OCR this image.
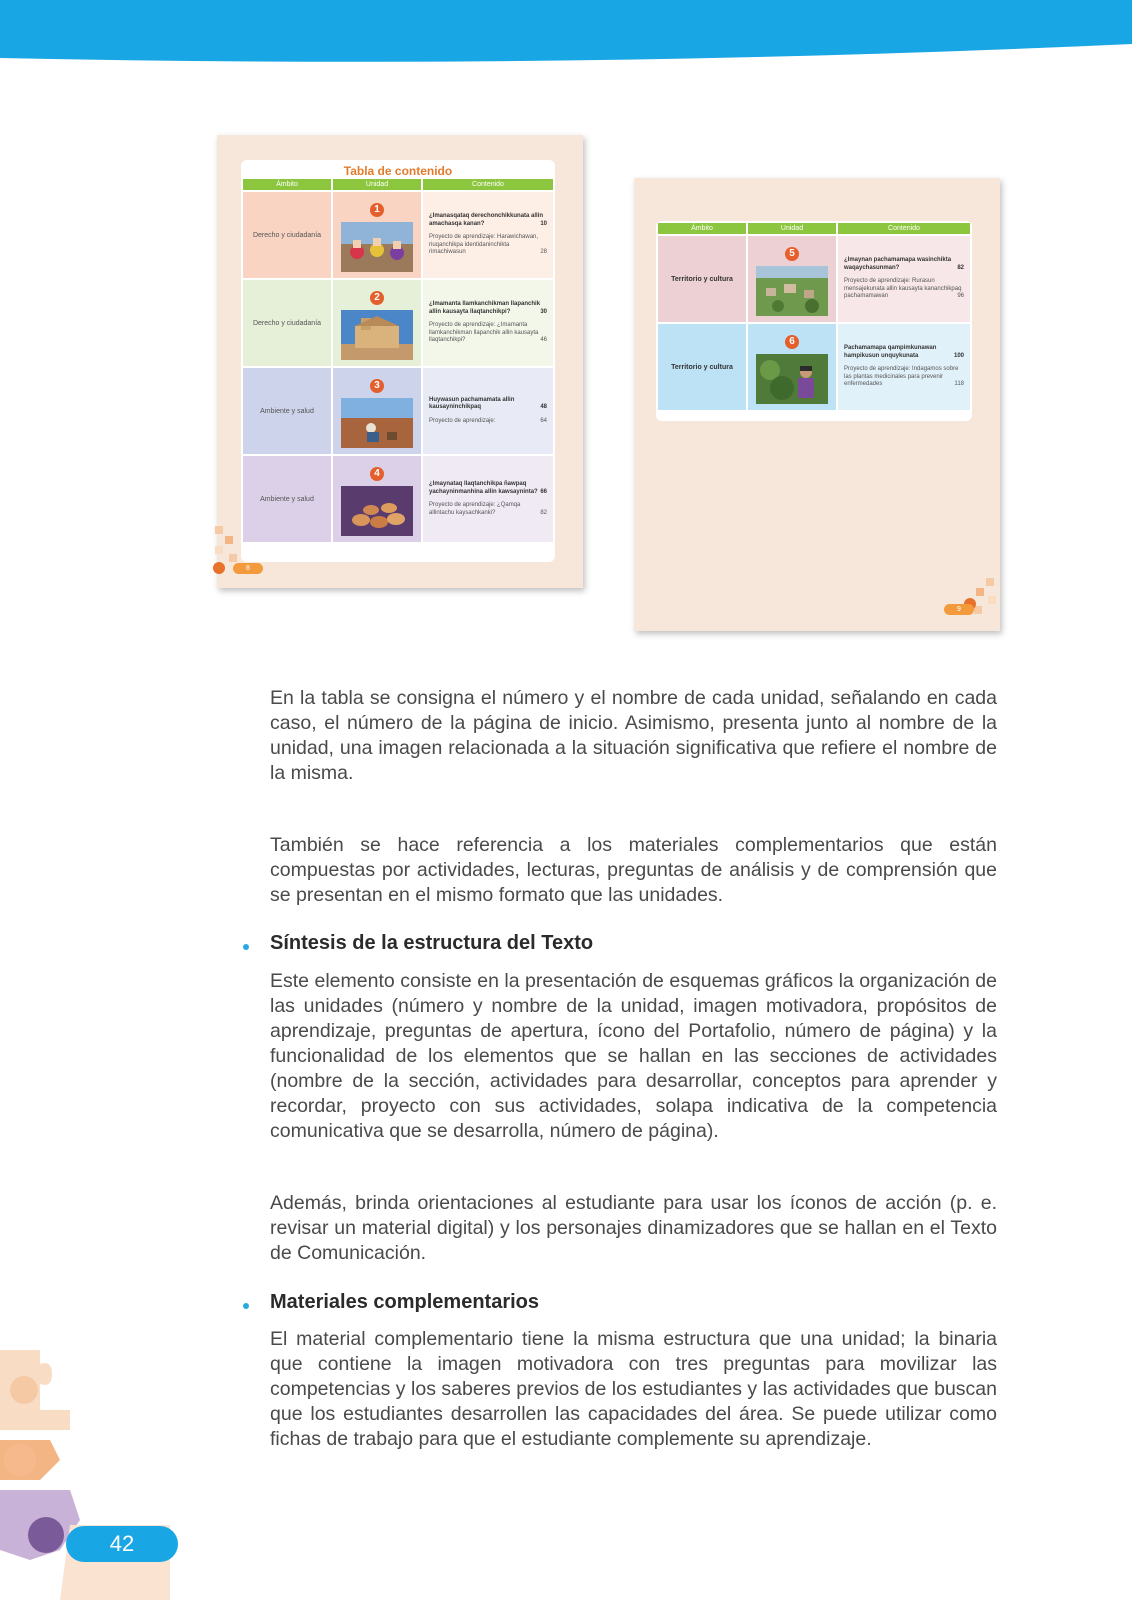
Tabla de contenido
Ámbito	Unidad	Contenido
Derecho y ciudadanía	1	¿Imanasqataq derechonchikkunata allin amachasqa kanan? 10
Proyecto de aprendizaje: Harawichawan, riuqanchikpa identidaninchikta rimachiwasun 28

Derecho y ciudadanía	2	¿Imamanta llamkanchikman llapanchik allin kausayta llaqtanchikpi? 30
Proyecto de aprendizaje: ¿Imamanta llamkanchikman llapanchik allin kausayta llaqtanchikpi? 46

Ambiente y salud	3	Huywasun pachamamata allin kausayninchikpaq 48
Proyecto de aprendizaje: 64

Ambiente y salud	4	¿Imaynataq llaqtanchikpa ñawpaq yachayninmanhina allin kawsayninta? 66
Proyecto de aprendizaje: ¿Qamqa allintachu kaysachkanki? 82
8
Ámbito	Unidad	Contenido
Territorio y cultura	5	¿Imaynan pachamamapa wasinchikta waqaychasunman? 82
Proyecto de aprendizaje: Rurasun mensajekunata allin kausayta kananchikpaq pachamamawan 96

Territorio y cultura	6	Pachamamapa qampimkunawan hampikusun unquykunata 100
Proyecto de aprendizaje: Indagamos sobre las plantas medicinales para prevenir enfermedades 118
9
En la tabla se consigna el número y el nombre de cada unidad, señalando en cada caso, el número de la página de inicio. Asimismo, presenta junto al nombre de la unidad, una imagen relacionada a la situación significativa que refiere el nombre de la misma.
También se hace referencia a los materiales complementarios que están compuestas por actividades, lecturas, preguntas de análisis y de comprensión que se presentan en el mismo formato que las unidades.
Síntesis de la estructura del Texto
Este elemento consiste en la presentación de esquemas gráficos la organización de las unidades (número y nombre de la unidad, imagen motivadora, propósitos de aprendizaje, preguntas de apertura, ícono del Portafolio, número de página) y la funcionalidad de los elementos que se hallan en las secciones de actividades (nombre de la sección, actividades para desarrollar, conceptos para aprender y recordar, proyecto con sus actividades, solapa indicativa de la competencia comunicativa que se desarrolla, número de página).
Además, brinda orientaciones al estudiante para usar los íconos de acción (p. e. revisar un material digital) y los personajes dinamizadores que se hallan en el Texto de Comunicación.
Materiales complementarios
El material complementario tiene la misma estructura que una unidad; la binaria que contiene la imagen motivadora con tres preguntas para movilizar las competencias y los saberes previos de los estudiantes y las actividades que buscan que los estudiantes desarrollen las capacidades del área. Se puede utilizar como fichas de trabajo para que el estudiante complemente su aprendizaje.
42
